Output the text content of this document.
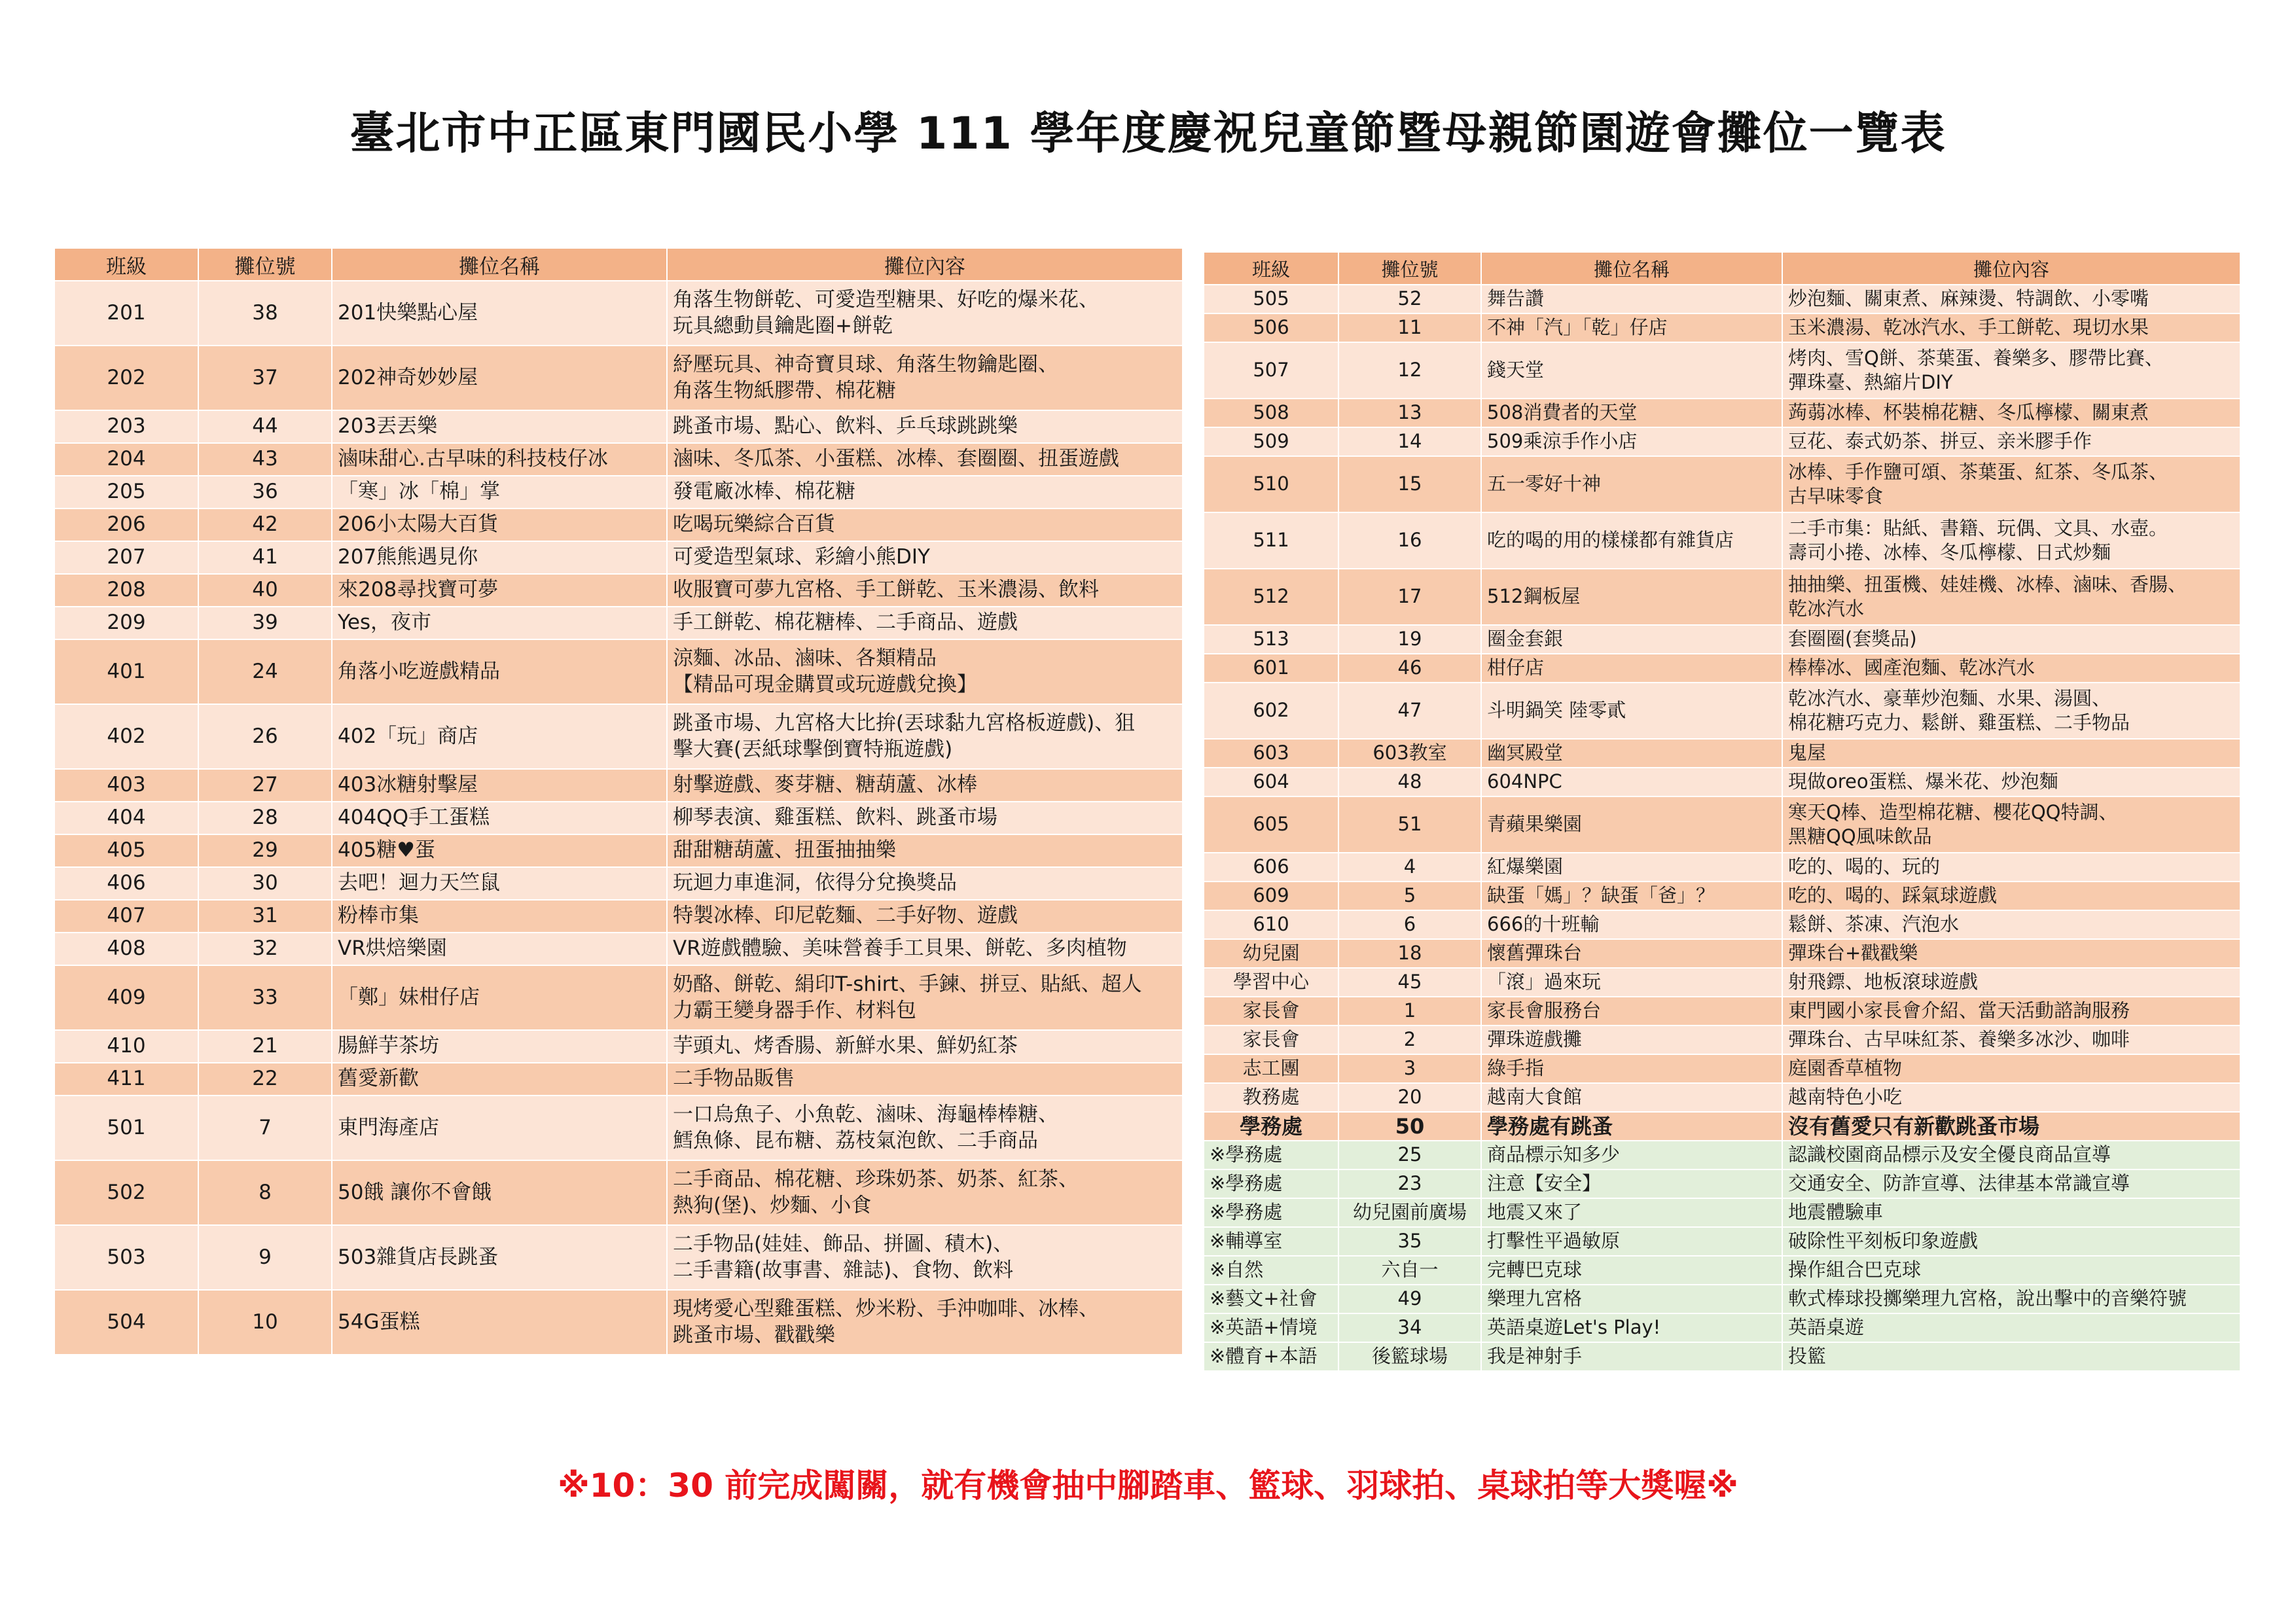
臺北市中正區東門國民小學 111 學年度慶祝兒童節暨母親節園遊會攤位一覽表
班級	攤位號	攤位名稱	攤位內容
201	38	201快樂點心屋	角落生物餅乾、可愛造型糖果、好吃的爆米花、
玩具總動員鑰匙圈+餅乾
202	37	202神奇妙妙屋	紓壓玩具、神奇寶貝球、角落生物鑰匙圈、
角落生物紙膠帶、棉花糖
203	44	203丟丟樂	跳蚤市場、點心、飲料、乒乓球跳跳樂
204	43	滷味甜心.古早味的科技枝仔冰	滷味、冬瓜茶、小蛋糕、冰棒、套圈圈、扭蛋遊戲
205	36	「寒」冰「棉」掌	發電廠冰棒、棉花糖
206	42	206小太陽大百貨	吃喝玩樂綜合百貨
207	41	207熊熊遇見你	可愛造型氣球、彩繪小熊DIY
208	40	來208尋找寶可夢	收服寶可夢九宮格、手工餅乾、玉米濃湯、飲料
209	39	Yes，夜市	手工餅乾、棉花糖棒、二手商品、遊戲
401	24	角落小吃遊戲精品	涼麵、冰品、滷味、各類精品
【精品可現金購買或玩遊戲兌換】
402	26	402「玩」商店	跳蚤市場、九宮格大比拚(丟球黏九宮格板遊戲)、狙
擊大賽(丟紙球擊倒寶特瓶遊戲)
403	27	403冰糖射擊屋	射擊遊戲、麥芽糖、糖葫蘆、冰棒
404	28	404QQ手工蛋糕	柳琴表演、雞蛋糕、飲料、跳蚤市場
405	29	405糖♥蛋	甜甜糖葫蘆、扭蛋抽抽樂
406	30	去吧！迴力天竺鼠	玩迴力車進洞，依得分兌換獎品
407	31	粉棒市集	特製冰棒、印尼乾麵、二手好物、遊戲
408	32	VR烘焙樂園	VR遊戲體驗、美味營養手工貝果、餅乾、多肉植物
409	33	「鄭」妹柑仔店	奶酪、餅乾、絹印T-shirt、手鍊、拼豆、貼紙、超人
力霸王變身器手作、材料包
410	21	腸鮮芋茶坊	芋頭丸、烤香腸、新鮮水果、鮮奶紅茶
411	22	舊愛新歡	二手物品販售
501	7	東門海產店	一口烏魚子、小魚乾、滷味、海龜棒棒糖、
鱈魚條、昆布糖、荔枝氣泡飲、二手商品
502	8	50餓 讓你不會餓	二手商品、棉花糖、珍珠奶茶、奶茶、紅茶、
熱狗(堡)、炒麵、小食
503	9	503雜貨店長跳蚤	二手物品(娃娃、飾品、拼圖、積木)、
二手書籍(故事書、雜誌)、食物、飲料
504	10	54G蛋糕	現烤愛心型雞蛋糕、炒米粉、手沖咖啡、冰棒、
跳蚤市場、戳戳樂
班級	攤位號	攤位名稱	攤位內容
505	52	舞告讚	炒泡麵、關東煮、麻辣燙、特調飲、小零嘴
506	11	不神「汽」「乾」仔店	玉米濃湯、乾冰汽水、手工餅乾、現切水果
507	12	錢天堂	烤肉、雪Q餅、茶葉蛋、養樂多、膠帶比賽、
彈珠臺、熱縮片DIY
508	13	508消費者的天堂	蒟蒻冰棒、杯裝棉花糖、冬瓜檸檬、關東煮
509	14	509乘涼手作小店	豆花、泰式奶茶、拼豆、亲米膠手作
510	15	五一零好十神	冰棒、手作鹽可頌、茶葉蛋、紅茶、冬瓜茶、
古早味零食
511	16	吃的喝的用的樣樣都有雜貨店	二手市集：貼紙、書籍、玩偶、文具、水壺。
壽司小捲、冰棒、冬瓜檸檬、日式炒麵
512	17	512鋼板屋	抽抽樂、扭蛋機、娃娃機、冰棒、滷味、香腸、
乾冰汽水
513	19	圈金套銀	套圈圈(套獎品)
601	46	柑仔店	棒棒冰、國產泡麵、乾冰汽水
602	47	斗明鍋笑 陸零貳	乾冰汽水、豪華炒泡麵、水果、湯圓、
棉花糖巧克力、鬆餅、雞蛋糕、二手物品
603	603教室	幽冥殿堂	鬼屋
604	48	604NPC	現做oreo蛋糕、爆米花、炒泡麵
605	51	青蘋果樂園	寒天Q棒、造型棉花糖、櫻花QQ特調、
黑糖QQ風味飲品
606	4	紅爆樂園	吃的、喝的、玩的
609	5	缺蛋「媽」？缺蛋「爸」？	吃的、喝的、踩氣球遊戲
610	6	666的十班輸	鬆餅、茶凍、汽泡水
幼兒園	18	懷舊彈珠台	彈珠台+戳戳樂
學習中心	45	「滾」過來玩	射飛鏢、地板滾球遊戲
家長會	1	家長會服務台	東門國小家長會介紹、當天活動諮詢服務
家長會	2	彈珠遊戲攤	彈珠台、古早味紅茶、養樂多冰沙、咖啡
志工團	3	綠手指	庭園香草植物
教務處	20	越南大食館	越南特色小吃
學務處	50	學務處有跳蚤	沒有舊愛只有新歡跳蚤市場
※學務處	25	商品標示知多少	認識校園商品標示及安全優良商品宣導
※學務處	23	注意【安全】	交通安全、防詐宣導、法律基本常識宣導
※學務處	幼兒園前廣場	地震又來了	地震體驗車
※輔導室	35	打擊性平過敏原	破除性平刻板印象遊戲
※自然	六自一	完轉巴克球	操作組合巴克球
※藝文+社會	49	樂理九宮格	軟式棒球投擲樂理九宮格，說出擊中的音樂符號
※英語+情境	34	英語桌遊Let's Play!	英語桌遊
※體育+本語	後籃球場	我是神射手	投籃
※10：30 前完成闖關，就有機會抽中腳踏車、籃球、羽球拍、桌球拍等大獎喔※
